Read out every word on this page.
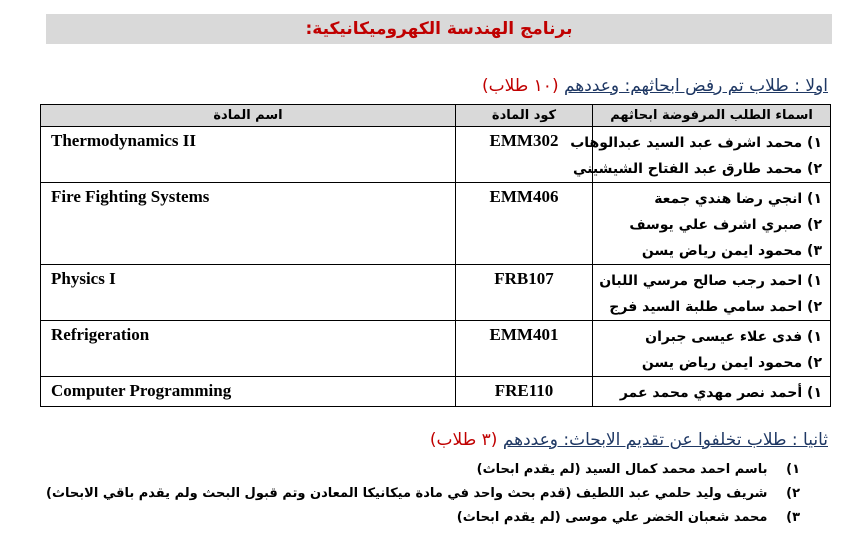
برنامج الهندسة الكهروميكانيكية:
اولا : طلاب تم رفض ابحاثهم: وعددهم (١٠ طلاب)
اسم المادة	كود المادة	اسماء الطلب المرفوضة ابحاثهم
Thermodynamics II	EMM302	١) محمد اشرف عبد السيد عبدالوهاب
٢) محمد طارق عبد الفتاح الشيشيني

Fire Fighting Systems	EMM406	١) انجي رضا هندي جمعة
٢) صبري اشرف علي يوسف
٣) محمود ايمن رياض يسن

Physics I	FRB107	١) احمد رجب صالح مرسي اللبان
٢) احمد سامي طلبة السيد فرج

Refrigeration	EMM401	١) فدى علاء عيسى جبران
٢) محمود ايمن رياض يسن

Computer Programming	FRE110	١) أحمد نصر مهدي محمد عمر
ثانيا : طلاب تخلفوا عن تقديم الابحاث: وعددهم (٣ طلاب)
١) باسم احمد محمد كمال السيد (لم يقدم ابحاث)
٢) شريف وليد حلمي عبد اللطيف (قدم بحث واحد في مادة ميكانيكا المعادن وتم قبول البحث ولم يقدم باقي الابحاث)
٣) محمد شعبان الخضر علي موسى (لم يقدم ابحاث)
